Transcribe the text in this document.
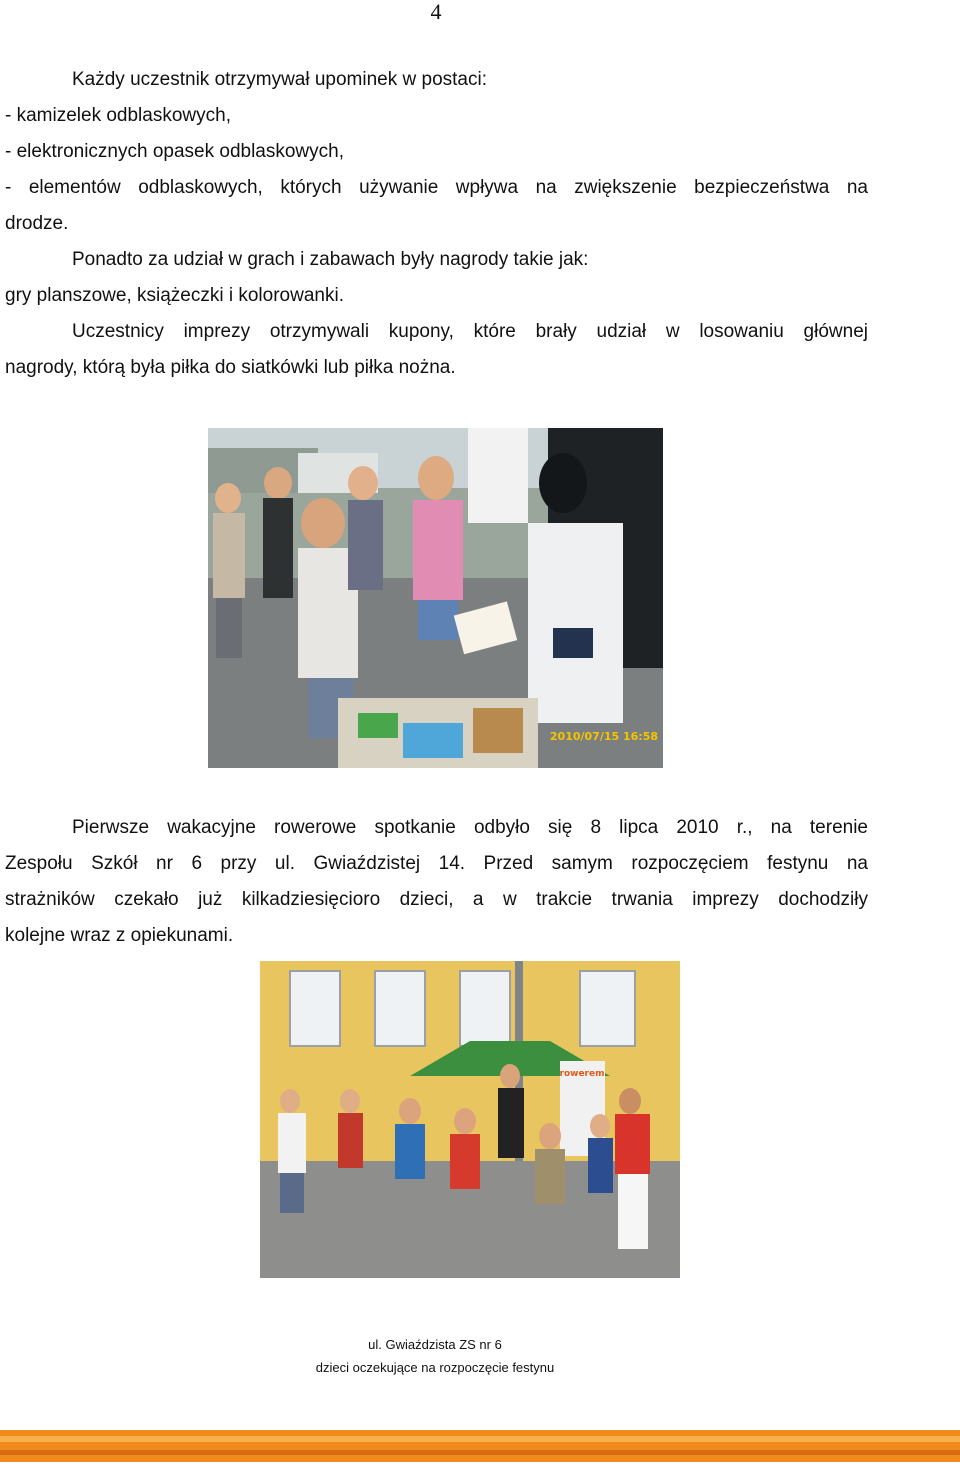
4
Każdy uczestnik otrzymywał upominek w postaci:
- kamizelek odblaskowych,
- elektronicznych opasek odblaskowych,
- elementów odblaskowych, których używanie wpływa na zwiększenie bezpieczeństwa na
drodze.
Ponadto za udział w grach i zabawach były nagrody takie jak:
gry planszowe, książeczki i kolorowanki.
Uczestnicy imprezy otrzymywali kupony, które brały udział w losowaniu głównej
nagrody, którą była piłka do siatkówki lub piłka nożna.
2010/07/15 16:58
Pierwsze wakacyjne rowerowe spotkanie odbyło się 8 lipca 2010 r., na terenie
Zespołu Szkół nr 6 przy ul. Gwiaździstej 14. Przed samym rozpoczęciem festynu na
strażników czekało już kilkadziesięcioro dzieci, a w trakcie trwania imprezy dochodziły
kolejne wraz z opiekunami.
rowerem
ul. Gwiaździsta ZS nr 6
dzieci oczekujące na rozpoczęcie festynu
